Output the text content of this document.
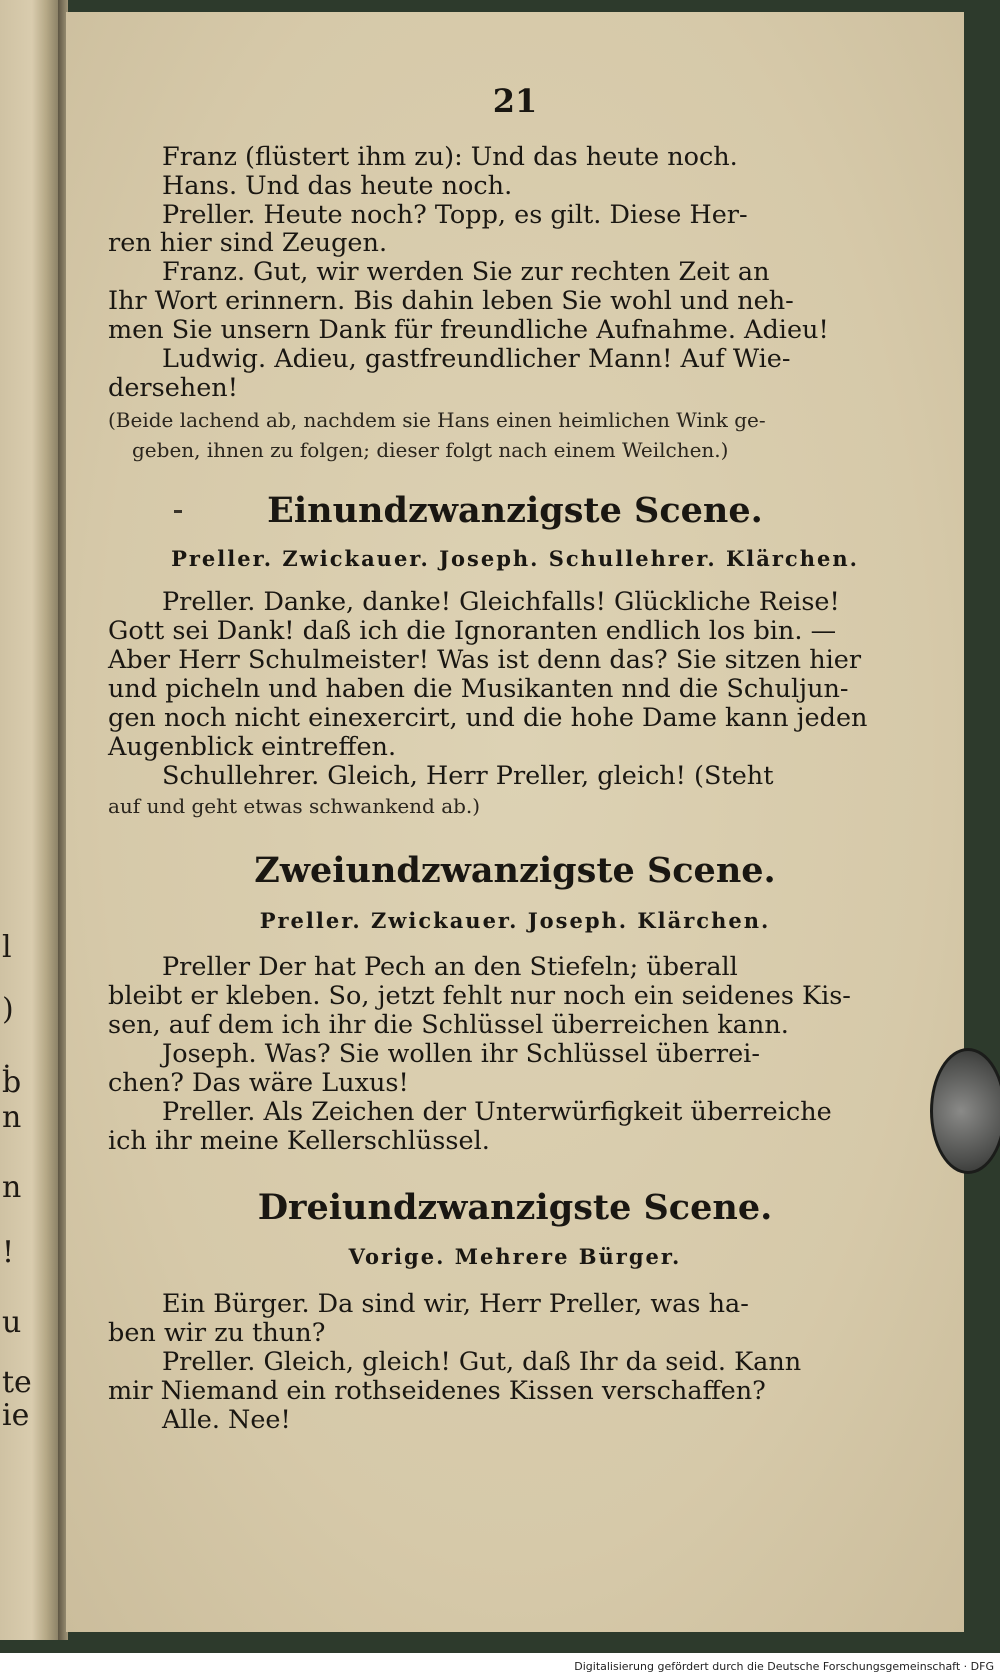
l
)
ḃ
n
n
!
u
te
ie
21
Franz (flüstert ihm zu): Und das heute noch.
Hans. Und das heute noch.
Preller. Heute noch? Topp, es gilt. Diese Her-
ren hier sind Zeugen.
Franz. Gut, wir werden Sie zur rechten Zeit an
Ihr Wort erinnern. Bis dahin leben Sie wohl und neh-
men Sie unsern Dank für freundliche Aufnahme. Adieu!
Ludwig. Adieu, gastfreundlicher Mann! Auf Wie-
dersehen!
(Beide lachend ab, nachdem sie Hans einen heimlichen Wink ge-
geben, ihnen zu folgen; dieser folgt nach einem Weilchen.)
Einundzwanzigste Scene.
Preller. Zwickauer. Joseph. Schullehrer. Klärchen.
Preller. Danke, danke! Gleichfalls! Glückliche Reise!
Gott sei Dank! daß ich die Ignoranten endlich los bin. —
Aber Herr Schulmeister! Was ist denn das? Sie sitzen hier
und picheln und haben die Musikanten nnd die Schuljun-
gen noch nicht einexercirt, und die hohe Dame kann jeden
Augenblick eintreffen.
Schullehrer. Gleich, Herr Preller, gleich! (Steht
auf und geht etwas schwankend ab.)
Zweiundzwanzigste Scene.
Preller. Zwickauer. Joseph. Klärchen.
Preller Der hat Pech an den Stiefeln; überall
bleibt er kleben. So, jetzt fehlt nur noch ein seidenes Kis-
sen, auf dem ich ihr die Schlüssel überreichen kann.
Joseph. Was? Sie wollen ihr Schlüssel überrei-
chen? Das wäre Luxus!
Preller. Als Zeichen der Unterwürfigkeit überreiche
ich ihr meine Kellerschlüssel.
Dreiundzwanzigste Scene.
Vorige. Mehrere Bürger.
Ein Bürger. Da sind wir, Herr Preller, was ha-
ben wir zu thun?
Preller. Gleich, gleich! Gut, daß Ihr da seid. Kann
mir Niemand ein rothseidenes Kissen verschaffen?
Alle. Nee!
Digitalisierung gefördert durch die Deutsche Forschungsgemeinschaft · DFG
